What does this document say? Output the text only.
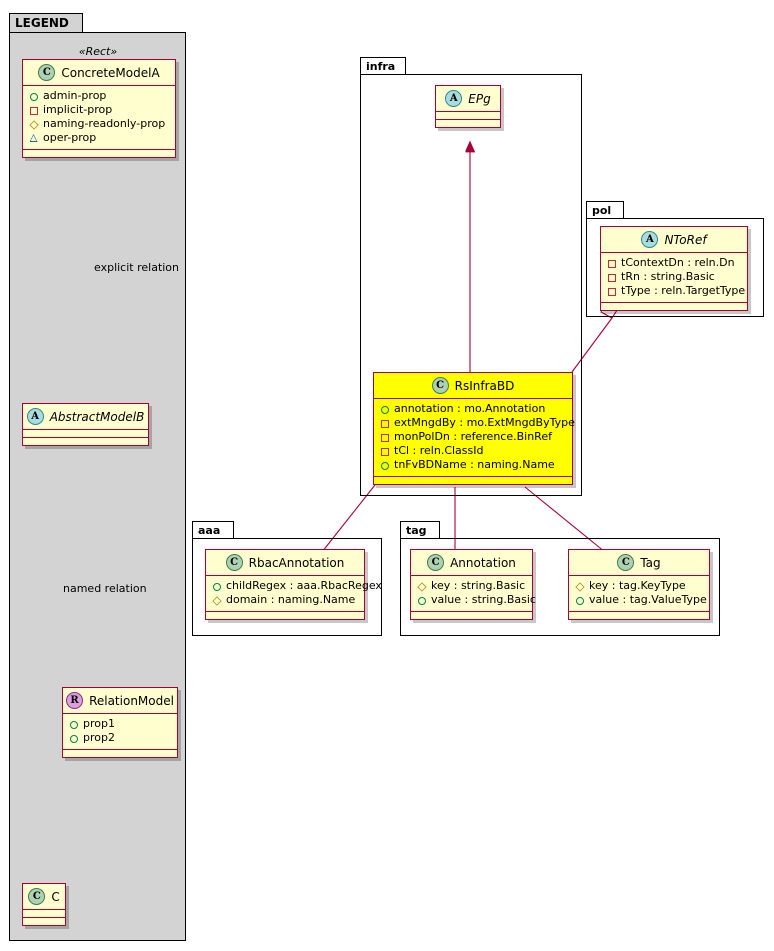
LEGEND
«Rect»
C ConcreteModelA
admin-prop
implicit-prop
naming-readonly-prop
oper-prop
explicit relation
A AbstractModelB
named relation
R RelationModel
prop1
prop2
C C
infra
A EPg
C RsInfraBD
annotation : mo.Annotation
extMngdBy : mo.ExtMngdByType
monPolDn : reference.BinRef
tCl : reln.ClassId
tnFvBDName : naming.Name
pol
A NToRef
tContextDn : reln.Dn
tRn : string.Basic
tType : reln.TargetType
aaa
C RbacAnnotation
childRegex : aaa.RbacRegex
domain : naming.Name
tag
C Annotation
key : string.Basic
value : string.Basic
C Tag
key : tag.KeyType
value : tag.ValueType
